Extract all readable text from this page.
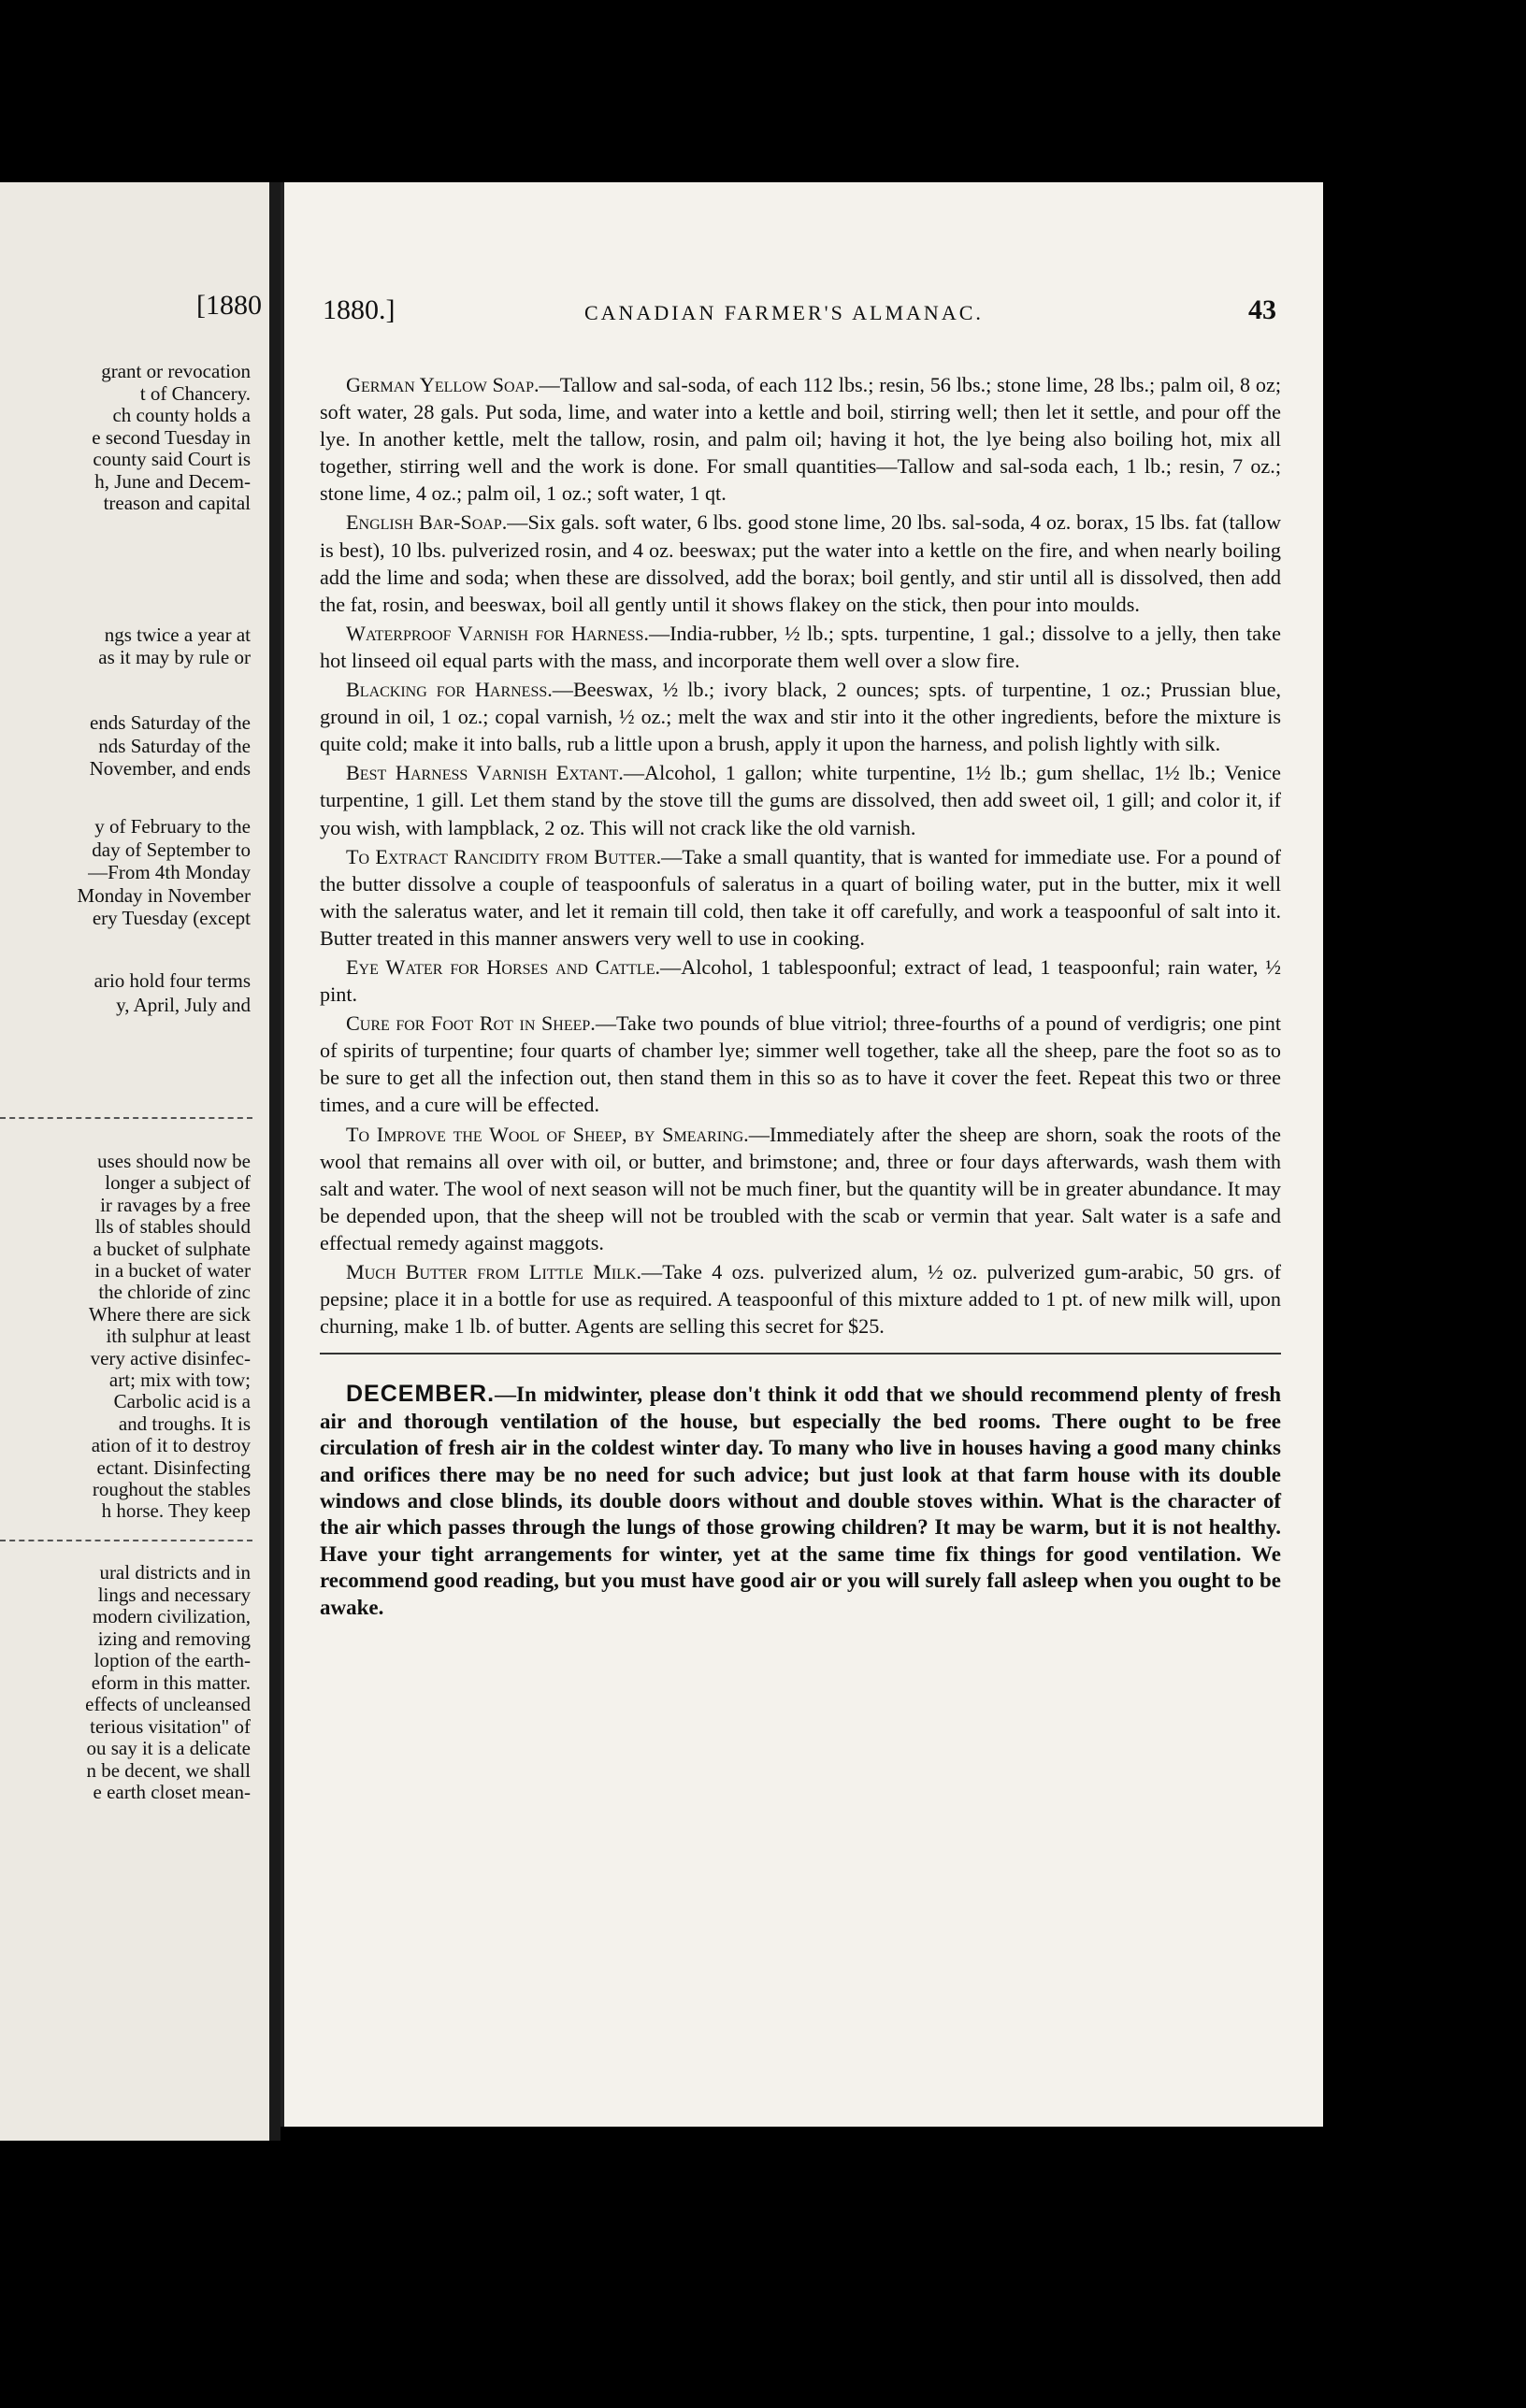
[1880
grant or revocation
t of Chancery.
ch county holds a
e second Tuesday in
county said Court is
h, June and Decem-
treason and capital
ngs twice a year at
as it may by rule or
ends Saturday of the
nds Saturday of the
November, and ends
y of February to the
day of September to
—From 4th Monday
Monday in November
ery Tuesday (except
ario hold four terms
y, April, July and
uses should now be
longer a subject of
ir ravages by a free
lls of stables should
a bucket of sulphate
in a bucket of water
the chloride of zinc
Where there are sick
ith sulphur at least
very active disinfec-
art; mix with tow;
Carbolic acid is a
and troughs. It is
ation of it to destroy
ectant. Disinfecting
roughout the stables
h horse. They keep
ural districts and in
lings and necessary
modern civilization,
izing and removing
loption of the earth-
eform in this matter.
effects of uncleansed
terious visitation" of
ou say it is a delicate
n be decent, we shall
e earth closet mean-
1880.]	CANADIAN FARMER'S ALMANAC.	43

German Yellow Soap.—Tallow and sal-soda, of each 112 lbs.; resin, 56 lbs.; stone lime, 28 lbs.; palm oil, 8 oz; soft water, 28 gals. Put soda, lime, and water into a kettle and boil, stirring well; then let it settle, and pour off the lye. In another kettle, melt the tallow, rosin, and palm oil; having it hot, the lye being also boiling hot, mix all together, stirring well and the work is done. For small quantities—Tallow and sal-soda each, 1 lb.; resin, 7 oz.; stone lime, 4 oz.; palm oil, 1 oz.; soft water, 1 qt.

English Bar-Soap.—Six gals. soft water, 6 lbs. good stone lime, 20 lbs. sal-soda, 4 oz. borax, 15 lbs. fat (tallow is best), 10 lbs. pulverized rosin, and 4 oz. beeswax; put the water into a kettle on the fire, and when nearly boiling add the lime and soda; when these are dissolved, add the borax; boil gently, and stir until all is dissolved, then add the fat, rosin, and beeswax, boil all gently until it shows flakey on the stick, then pour into moulds.

Waterproof Varnish for Harness.—India-rubber, ½ lb.; spts. turpentine, 1 gal.; dissolve to a jelly, then take hot linseed oil equal parts with the mass, and incorporate them well over a slow fire.

Blacking for Harness.—Beeswax, ½ lb.; ivory black, 2 ounces; spts. of turpentine, 1 oz.; Prussian blue, ground in oil, 1 oz.; copal varnish, ½ oz.; melt the wax and stir into it the other ingredients, before the mixture is quite cold; make it into balls, rub a little upon a brush, apply it upon the harness, and polish lightly with silk.

Best Harness Varnish Extant.—Alcohol, 1 gallon; white turpentine, 1½ lb.; gum shellac, 1½ lb.; Venice turpentine, 1 gill. Let them stand by the stove till the gums are dissolved, then add sweet oil, 1 gill; and color it, if you wish, with lampblack, 2 oz. This will not crack like the old varnish.

To Extract Rancidity from Butter.—Take a small quantity, that is wanted for immediate use. For a pound of the butter dissolve a couple of teaspoonfuls of saleratus in a quart of boiling water, put in the butter, mix it well with the saleratus water, and let it remain till cold, then take it off carefully, and work a teaspoonful of salt into it. Butter treated in this manner answers very well to use in cooking.

Eye Water for Horses and Cattle.—Alcohol, 1 tablespoonful; extract of lead, 1 teaspoonful; rain water, ½ pint.

Cure for Foot Rot in Sheep.—Take two pounds of blue vitriol; three-fourths of a pound of verdigris; one pint of spirits of turpentine; four quarts of chamber lye; simmer well together, take all the sheep, pare the foot so as to be sure to get all the infection out, then stand them in this so as to have it cover the feet. Repeat this two or three times, and a cure will be effected.

To Improve the Wool of Sheep, by Smearing.—Immediately after the sheep are shorn, soak the roots of the wool that remains all over with oil, or butter, and brimstone; and, three or four days afterwards, wash them with salt and water. The wool of next season will not be much finer, but the quantity will be in greater abundance. It may be depended upon, that the sheep will not be troubled with the scab or vermin that year. Salt water is a safe and effectual remedy against maggots.

Much Butter from Little Milk.—Take 4 ozs. pulverized alum, ½ oz. pulverized gum-arabic, 50 grs. of pepsine; place it in a bottle for use as required. A teaspoonful of this mixture added to 1 pt. of new milk will, upon churning, make 1 lb. of butter. Agents are selling this secret for $25.

DECEMBER.—In midwinter, please don't think it odd that we should recommend plenty of fresh air and thorough ventilation of the house, but especially the bed rooms. There ought to be free circulation of fresh air in the coldest winter day. To many who live in houses having a good many chinks and orifices there may be no need for such advice; but just look at that farm house with its double windows and close blinds, its double doors without and double stoves within. What is the character of the air which passes through the lungs of those growing children? It may be warm, but it is not healthy. Have your tight arrangements for winter, yet at the same time fix things for good ventilation. We recommend good reading, but you must have good air or you will surely fall asleep when you ought to be awake.
